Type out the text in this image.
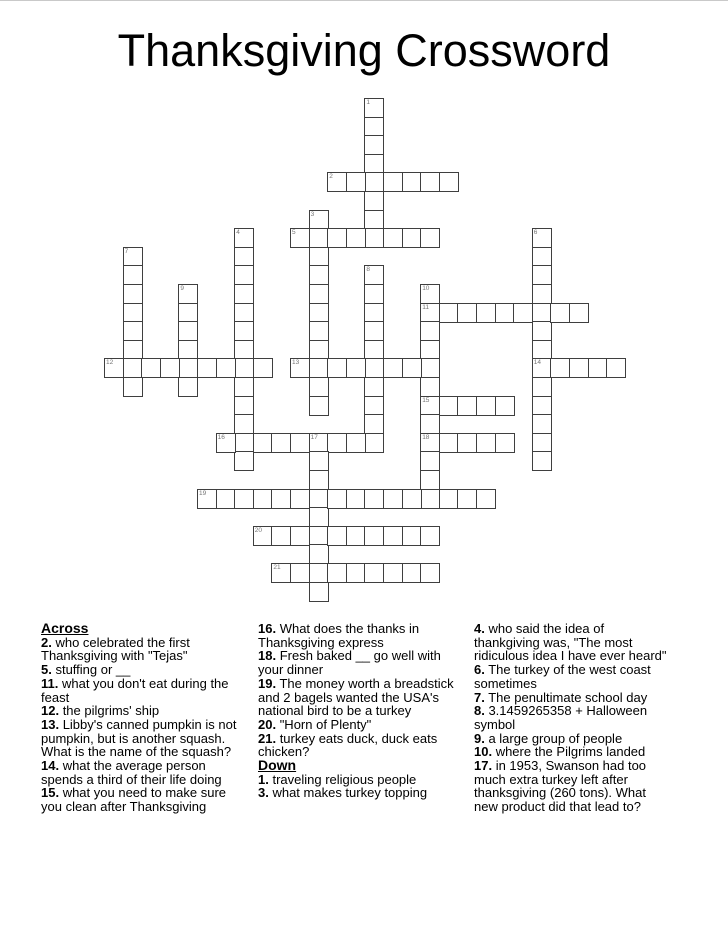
Thanksgiving Crossword
1
2
3
4	5	6
14
7
8
9	10
11
15
18
12	13
16	17
19
20
21
Across
2. who celebrated the first Thanksgiving with "Tejas"
5. stuffing or __
11. what you don't eat during the feast
12. the pilgrims' ship
13. Libby's canned pumpkin is not pumpkin, but is another squash. What is the name of the squash?
14. what the average person spends a third of their life doing
15. what you need to make sure you clean after Thanksgiving
16. What does the thanks in Thanksgiving express
18. Fresh baked __ go well with your dinner
19. The money worth a breadstick and 2 bagels wanted the USA's national bird to be a turkey
20. "Horn of Plenty"
21. turkey eats duck, duck eats chicken?
Down
1. traveling religious people
3. what makes turkey topping
4. who said the idea of thankgiving was, "The most ridiculous idea I have ever heard"
6. The turkey of the west coast sometimes
7. The penultimate school day
8. 3.1459265358 + Halloween symbol
9. a large group of people
10. where the Pilgrims landed
17. in 1953, Swanson had too much extra turkey left after thanksgiving (260 tons). What new product did that lead to?
